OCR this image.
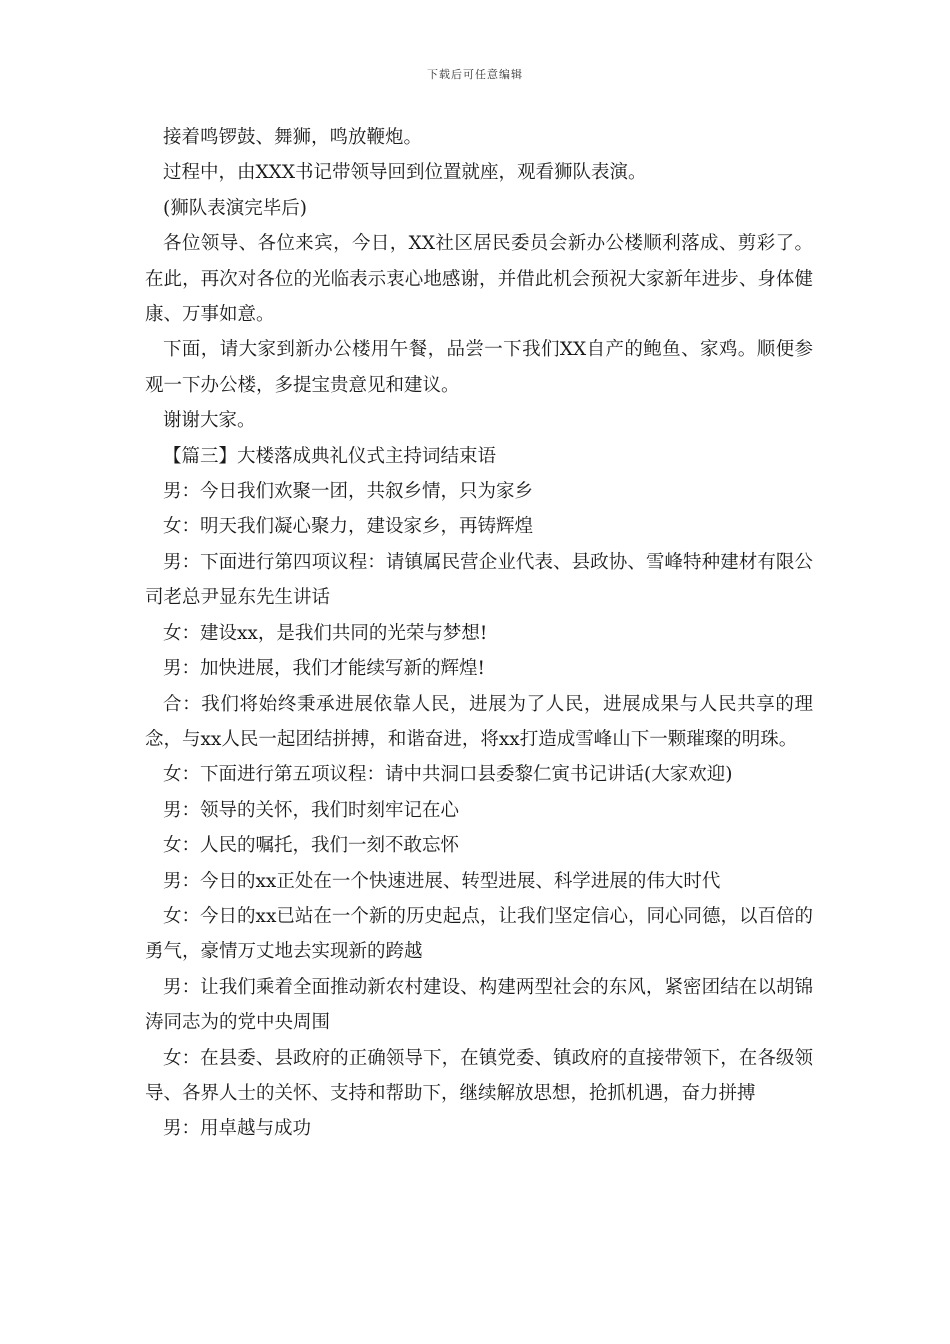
下载后可任意编辑

接着鸣锣鼓、舞狮，鸣放鞭炮。

过程中，由XXX书记带领导回到位置就座，观看狮队表演。

(狮队表演完毕后)

各位领导、各位来宾，今日，XX社区居民委员会新办公楼顺利落成、剪彩了。在此，再次对各位的光临表示衷心地感谢，并借此机会预祝大家新年进步、身体健康、万事如意。

下面，请大家到新办公楼用午餐，品尝一下我们XX自产的鲍鱼、家鸡。顺便参观一下办公楼，多提宝贵意见和建议。

谢谢大家。

【篇三】大楼落成典礼仪式主持词结束语

男：今日我们欢聚一团，共叙乡情，只为家乡

女：明天我们凝心聚力，建设家乡，再铸辉煌

男：下面进行第四项议程：请镇属民营企业代表、县政协、雪峰特种建材有限公司老总尹显东先生讲话

女：建设xx，是我们共同的光荣与梦想!

男：加快进展，我们才能续写新的辉煌!

合：我们将始终秉承进展依靠人民，进展为了人民，进展成果与人民共享的理念，与xx人民一起团结拼搏，和谐奋进，将xx打造成雪峰山下一颗璀璨的明珠。

女：下面进行第五项议程：请中共洞口县委黎仁寅书记讲话(大家欢迎)

男：领导的关怀，我们时刻牢记在心

女：人民的嘱托，我们一刻不敢忘怀

男：今日的xx正处在一个快速进展、转型进展、科学进展的伟大时代

女：今日的xx已站在一个新的历史起点，让我们坚定信心，同心同德，以百倍的勇气，豪情万丈地去实现新的跨越

男：让我们乘着全面推动新农村建设、构建两型社会的东风，紧密团结在以胡锦涛同志为的党中央周围

女：在县委、县政府的正确领导下，在镇党委、镇政府的直接带领下，在各级领导、各界人士的关怀、支持和帮助下，继续解放思想，抢抓机遇，奋力拼搏

男：用卓越与成功
